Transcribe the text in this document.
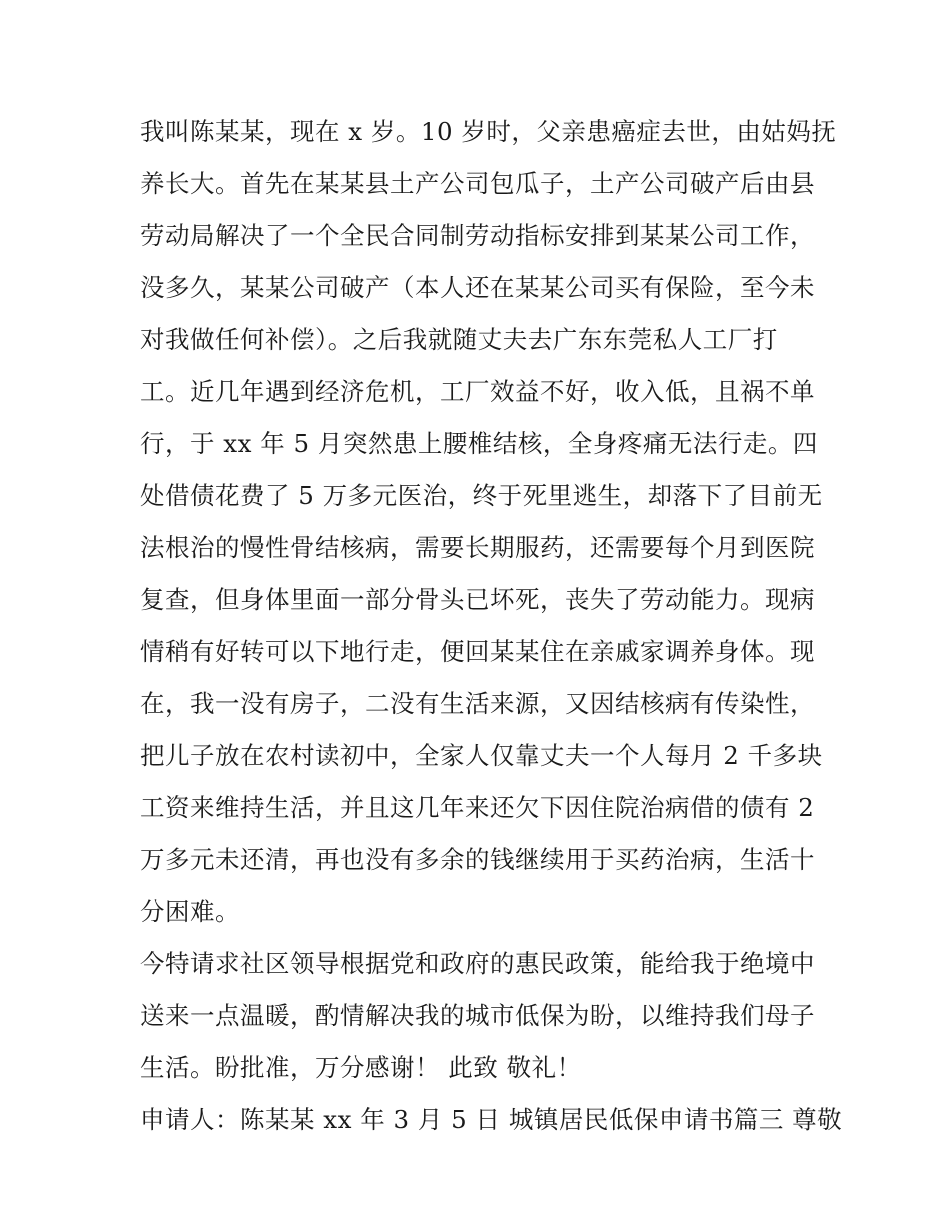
我叫陈某某，现在 x 岁。10 岁时，父亲患癌症去世，由姑妈抚
养长大。首先在某某县土产公司包瓜子，土产公司破产后由县
劳动局解决了一个全民合同制劳动指标安排到某某公司工作，
没多久，某某公司破产（本人还在某某公司买有保险，至今未
对我做任何补偿）。之后我就随丈夫去广东东莞私人工厂打
工。近几年遇到经济危机，工厂效益不好，收入低，且祸不单
行，于 xx 年 5 月突然患上腰椎结核，全身疼痛无法行走。四
处借债花费了 5 万多元医治，终于死里逃生，却落下了目前无
法根治的慢性骨结核病，需要长期服药，还需要每个月到医院
复查，但身体里面一部分骨头已坏死，丧失了劳动能力。现病
情稍有好转可以下地行走，便回某某住在亲戚家调养身体。现
在，我一没有房子，二没有生活来源，又因结核病有传染性，
把儿子放在农村读初中，全家人仅靠丈夫一个人每月 2 千多块
工资来维持生活，并且这几年来还欠下因住院治病借的债有 2
万多元未还清，再也没有多余的钱继续用于买药治病，生活十
分困难。
今特请求社区领导根据党和政府的惠民政策，能给我于绝境中
送来一点温暖，酌情解决我的城市低保为盼，以维持我们母子
生活。盼批准，万分感谢！ 此致 敬礼！
申请人：陈某某 xx 年 3 月 5 日 城镇居民低保申请书篇三 尊敬
